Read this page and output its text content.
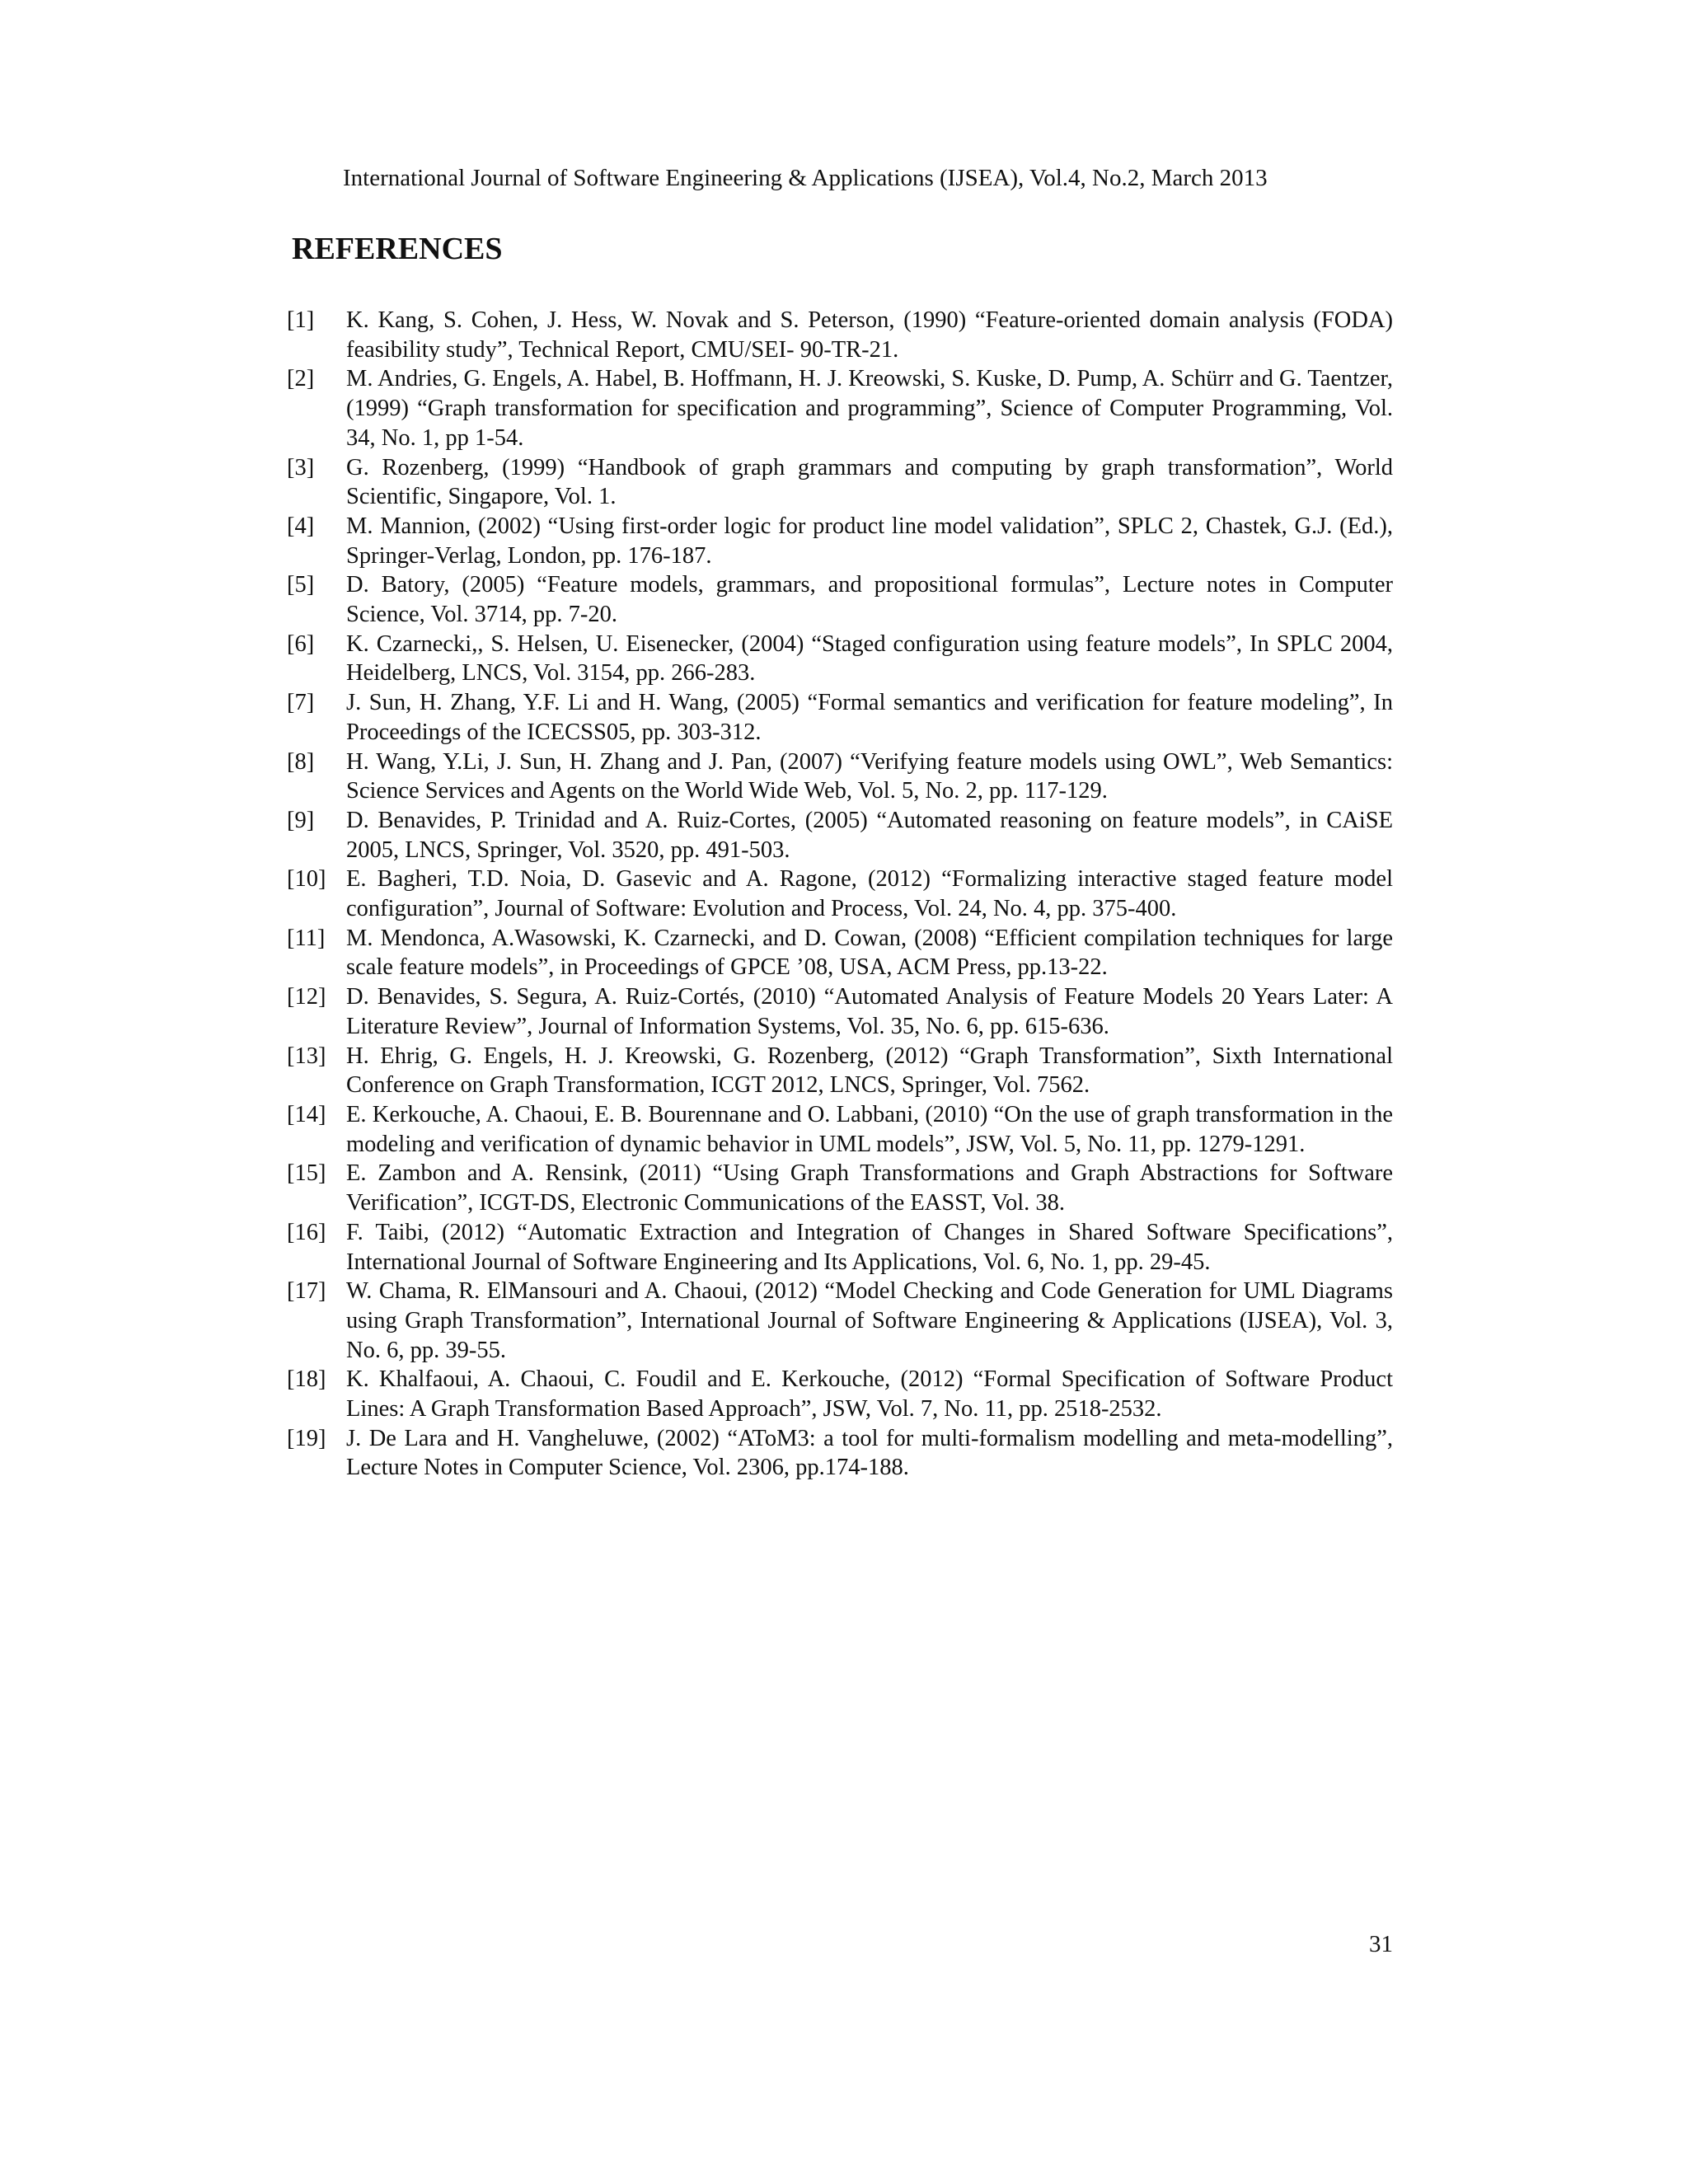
International Journal of Software Engineering & Applications (IJSEA), Vol.4, No.2, March 2013
REFERENCES
[1]	K. Kang, S. Cohen, J. Hess, W. Novak and S. Peterson, (1990) “Feature-oriented domain analysis (FODA) feasibility study”, Technical Report, CMU/SEI- 90-TR-21.
[2]	M. Andries, G. Engels, A. Habel, B. Hoffmann, H. J. Kreowski, S. Kuske, D. Pump, A. Schürr and G. Taentzer, (1999) “Graph transformation for specification and programming”, Science of Computer Programming, Vol. 34, No. 1, pp 1-54.
[3]	G. Rozenberg, (1999) “Handbook of graph grammars and computing by graph transformation”, World Scientific, Singapore, Vol. 1.
[4]	M. Mannion, (2002) “Using first-order logic for product line model validation”, SPLC 2, Chastek, G.J. (Ed.), Springer-Verlag, London, pp. 176-187.
[5]	D. Batory, (2005) “Feature models, grammars, and propositional formulas”, Lecture notes in Computer Science, Vol. 3714, pp. 7-20.
[6]	K. Czarnecki,, S. Helsen, U. Eisenecker, (2004) “Staged configuration using feature models”, In SPLC 2004, Heidelberg, LNCS, Vol. 3154, pp. 266-283.
[7]	J. Sun, H. Zhang, Y.F. Li and H. Wang, (2005) “Formal semantics and verification for feature modeling”, In Proceedings of the ICECSS05, pp. 303-312.
[8]	H. Wang, Y.Li, J. Sun, H. Zhang and J. Pan, (2007) “Verifying feature models using OWL”, Web Semantics: Science Services and Agents on the World Wide Web, Vol. 5, No. 2, pp. 117-129.
[9]	D. Benavides, P. Trinidad and A. Ruiz-Cortes, (2005) “Automated reasoning on feature models”, in CAiSE 2005, LNCS, Springer, Vol. 3520, pp. 491-503.
[10] E. Bagheri, T.D. Noia, D. Gasevic and A. Ragone, (2012) “Formalizing interactive staged feature model configuration”, Journal of Software: Evolution and Process, Vol. 24, No. 4, pp. 375-400.
[11] M. Mendonca, A.Wasowski, K. Czarnecki, and D. Cowan, (2008) “Efficient compilation techniques for large scale feature models”, in Proceedings of GPCE ’08, USA, ACM Press, pp.13-22.
[12] D. Benavides, S. Segura, A. Ruiz-Cortés, (2010) “Automated Analysis of Feature Models 20 Years Later: A Literature Review”, Journal of Information Systems, Vol. 35, No. 6, pp. 615-636.
[13] H. Ehrig, G. Engels, H. J. Kreowski, G. Rozenberg, (2012) “Graph Transformation”, Sixth International Conference on Graph Transformation, ICGT 2012, LNCS, Springer, Vol. 7562.
[14] E. Kerkouche, A. Chaoui, E. B. Bourennane and O. Labbani, (2010) “On the use of graph transformation in the modeling and verification of dynamic behavior in UML models”, JSW, Vol. 5, No. 11, pp. 1279-1291.
[15] E. Zambon and A. Rensink, (2011) “Using Graph Transformations and Graph Abstractions for Software Verification”, ICGT-DS, Electronic Communications of the EASST, Vol. 38.
[16] F. Taibi, (2012) “Automatic Extraction and Integration of Changes in Shared Software Specifications”, International Journal of Software Engineering and Its Applications, Vol. 6, No. 1, pp. 29-45.
[17] W. Chama, R. ElMansouri and A. Chaoui, (2012) “Model Checking and Code Generation for UML Diagrams using Graph Transformation”, International Journal of Software Engineering & Applications (IJSEA), Vol. 3, No. 6, pp. 39-55.
[18] K. Khalfaoui, A. Chaoui, C. Foudil and E. Kerkouche, (2012) “Formal Specification of Software Product Lines: A Graph Transformation Based Approach”, JSW, Vol. 7, No. 11, pp. 2518-2532.
[19] J. De Lara and H. Vangheluwe, (2002) “AToM3: a tool for multi-formalism modelling and meta-modelling”, Lecture Notes in Computer Science, Vol. 2306, pp.174-188.
31
